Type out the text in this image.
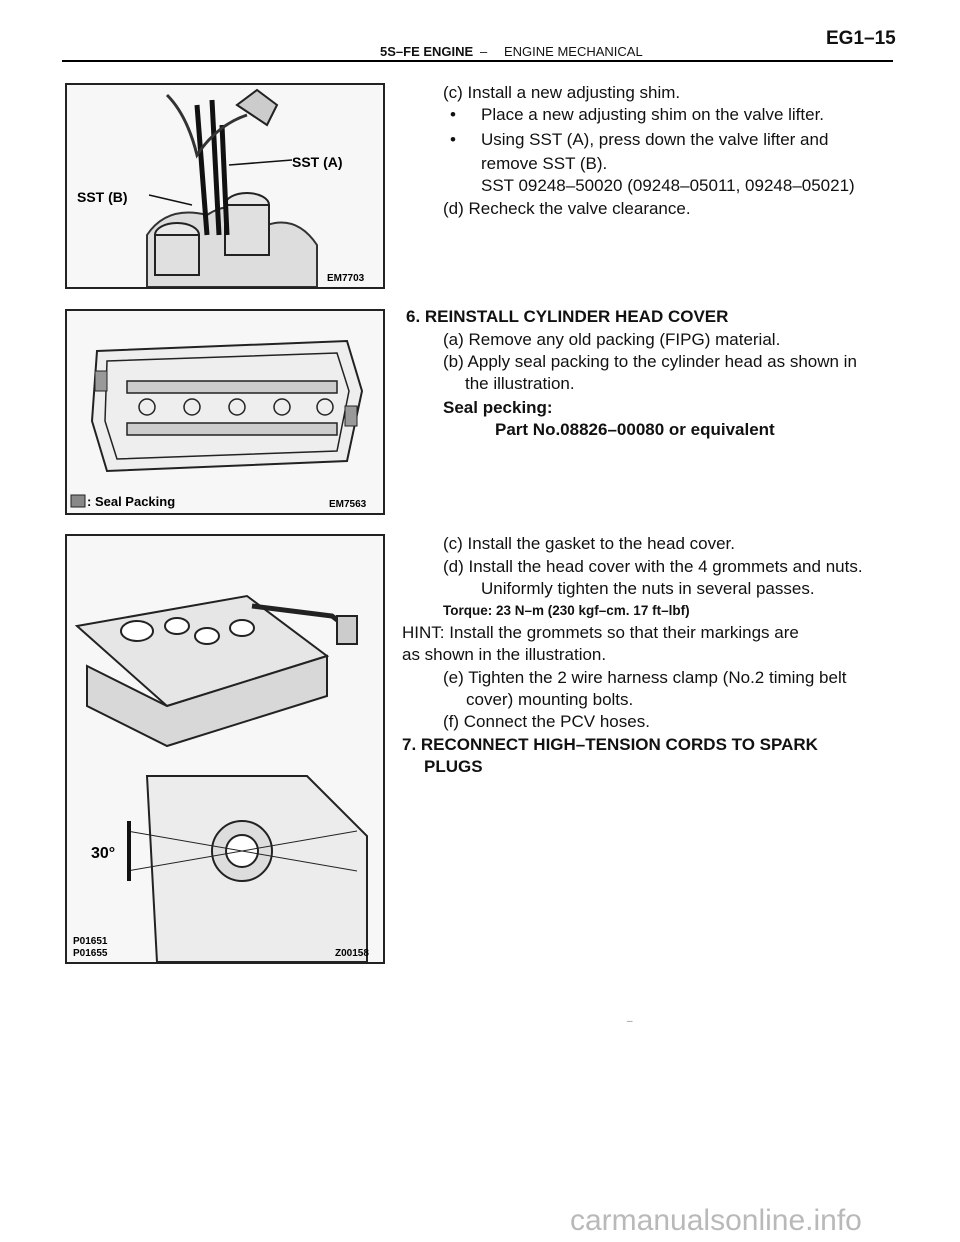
5S–FE ENGINE – ENGINE MECHANICAL
EG1–15
SST (A)
SST (B)
EM7703
: Seal Packing	EM7563
30°
P01651
P01655	Z00158
(c) Install a new adjusting shim.
• Place a new adjusting shim on the valve lifter.
• Using SST (A), press down the valve lifter and
remove SST (B).
SST 09248–50020 (09248–05011, 09248–05021)
(d) Recheck the valve clearance.
6. REINSTALL CYLINDER HEAD COVER
(a) Remove any old packing (FIPG) material.
(b) Apply seal packing to the cylinder head as shown in
the illustration.
Seal pecking:
Part No.08826–00080 or equivalent
(c) Install the gasket to the head cover.
(d) Install the head cover with the 4 grommets and nuts.
Uniformly tighten the nuts in several passes.
Torque: 23 N–m (230 kgf–cm. 17 ft–lbf)
HINT: Install the grommets so that their markings are
as shown in the illustration.
(e) Tighten the 2 wire harness clamp (No.2 timing belt
cover) mounting bolts.
(f) Connect the PCV hoses.
7. RECONNECT HIGH–TENSION CORDS TO SPARK
PLUGS
–
carmanualsonline.info
